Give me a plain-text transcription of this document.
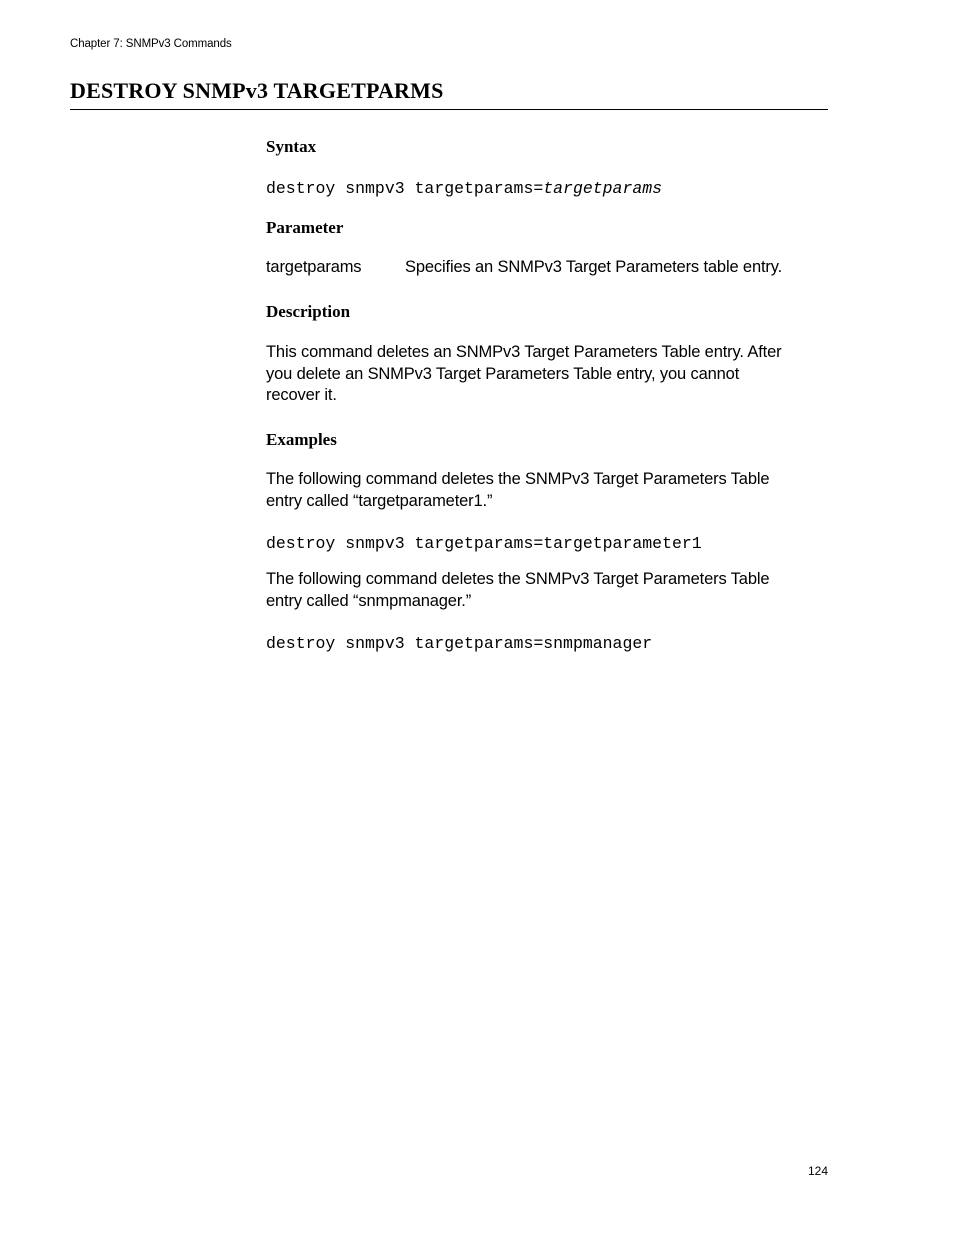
Chapter 7: SNMPv3 Commands
DESTROY SNMPv3 TARGETPARMS
Syntax
destroy snmpv3 targetparams=targetparams
Parameter
targetparams	Specifies an SNMPv3 Target Parameters table entry.
Description

This command deletes an SNMPv3 Target Parameters Table entry. After
you delete an SNMPv3 Target Parameters Table entry, you cannot
recover it.

Examples

The following command deletes the SNMPv3 Target Parameters Table
entry called “targetparameter1.”

destroy snmpv3 targetparams=targetparameter1

The following command deletes the SNMPv3 Target Parameters Table
entry called “snmpmanager.”

destroy snmpv3 targetparams=snmpmanager
124
